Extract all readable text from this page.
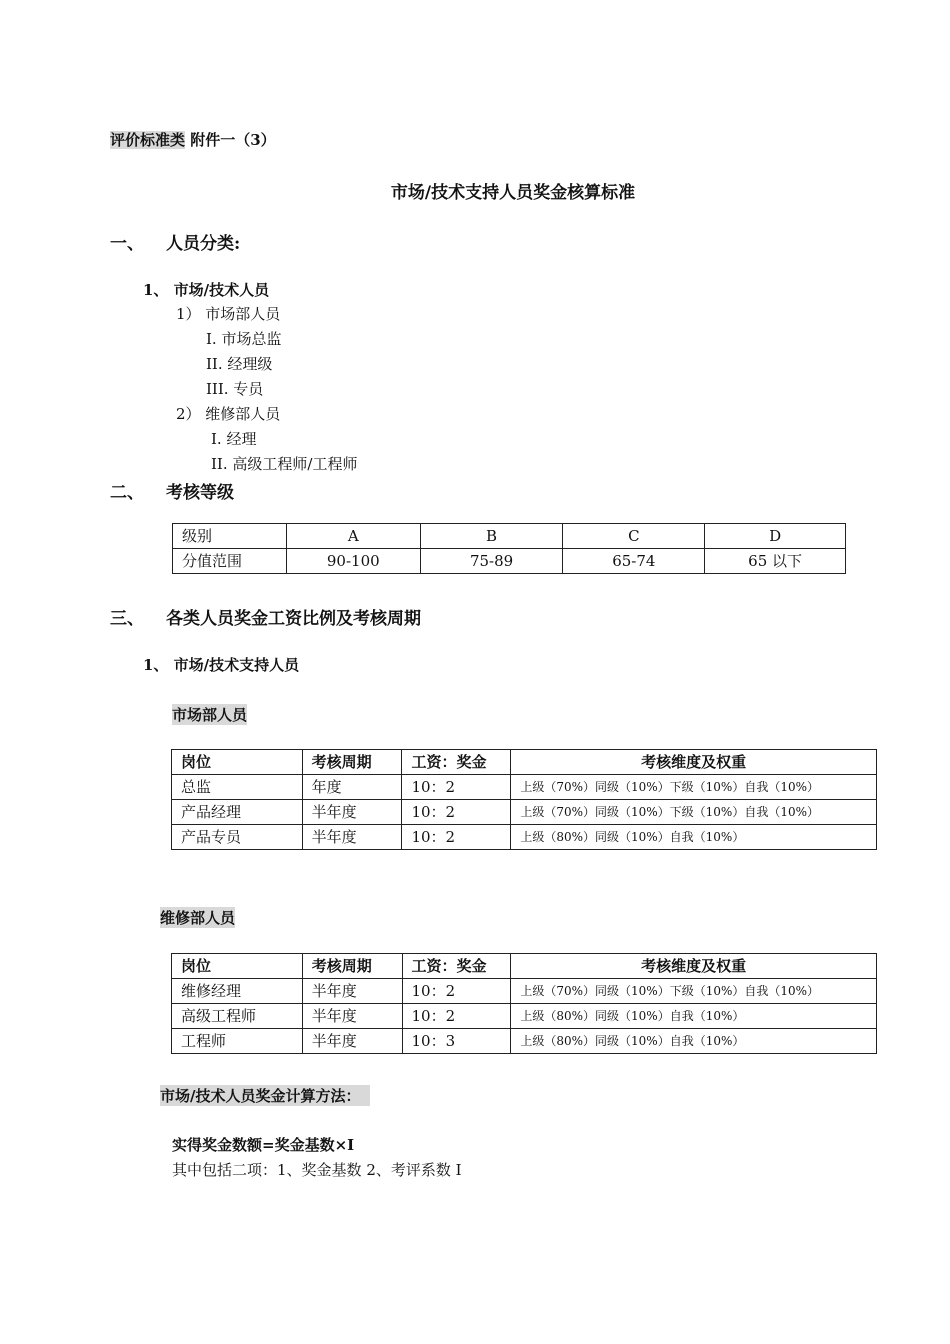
评价标准类 附件一（3）
市场/技术支持人员奖金核算标准
一、 人员分类:
1、 市场/技术人员
1） 市场部人员
I. 市场总监
II. 经理级
III. 专员
2） 维修部人员
I. 经理
II. 高级工程师/工程师
二、 考核等级
级别	A	B	C	D
分值范围	90-100	75-89	65-74	65 以下
三、 各类人员奖金工资比例及考核周期
1、 市场/技术支持人员
市场部人员
岗位	考核周期	工资：奖金	考核维度及权重
总监	年度	10：2	上级（70%）同级（10%）下级（10%）自我（10%）
产品经理	半年度	10：2	上级（70%）同级（10%）下级（10%）自我（10%）
产品专员	半年度	10：2	上级（80%）同级（10%）自我（10%）
维修部人员
岗位	考核周期	工资：奖金	考核维度及权重
维修经理	半年度	10：2	上级（70%）同级（10%）下级（10%）自我（10%）
高级工程师	半年度	10：2	上级（80%）同级（10%）自我（10%）
工程师	半年度	10：3	上级（80%）同级（10%）自我（10%）
市场/技术人员奖金计算方法：
实得奖金数额=奖金基数×I
其中包括二项：1、奖金基数 2、考评系数 I
